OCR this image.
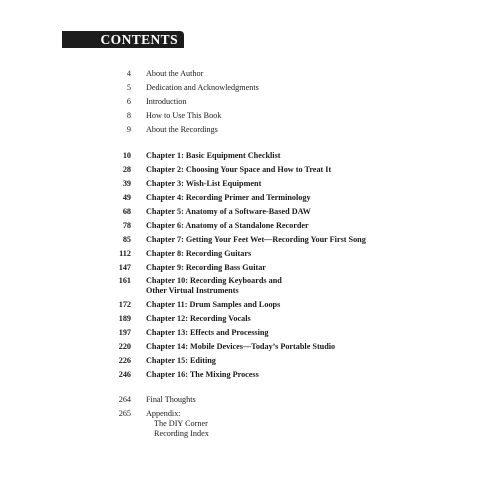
CONTENTS
4	About the Author
5	Dedication and Acknowledgments
6	Introduction
8	How to Use This Book
9	About the Recordings
10	Chapter 1: Basic Equipment Checklist
28	Chapter 2: Choosing Your Space and How to Treat It
39	Chapter 3: Wish-List Equipment
49	Chapter 4: Recording Primer and Terminology
68	Chapter 5: Anatomy of a Software-Based DAW
78	Chapter 6: Anatomy of a Standalone Recorder
85	Chapter 7: Getting Your Feet Wet—Recording Your First Song
112	Chapter 8: Recording Guitars
147	Chapter 9: Recording Bass Guitar
161	Chapter 10: Recording Keyboards and
Other Virtual Instruments
172	Chapter 11: Drum Samples and Loops
189	Chapter 12: Recording Vocals
197	Chapter 13: Effects and Processing
220	Chapter 14: Mobile Devices—Today’s Portable Studio
226	Chapter 15: Editing
246	Chapter 16: The Mixing Process
264	Final Thoughts
265	Appendix:
The DIY Corner
Recording Index
